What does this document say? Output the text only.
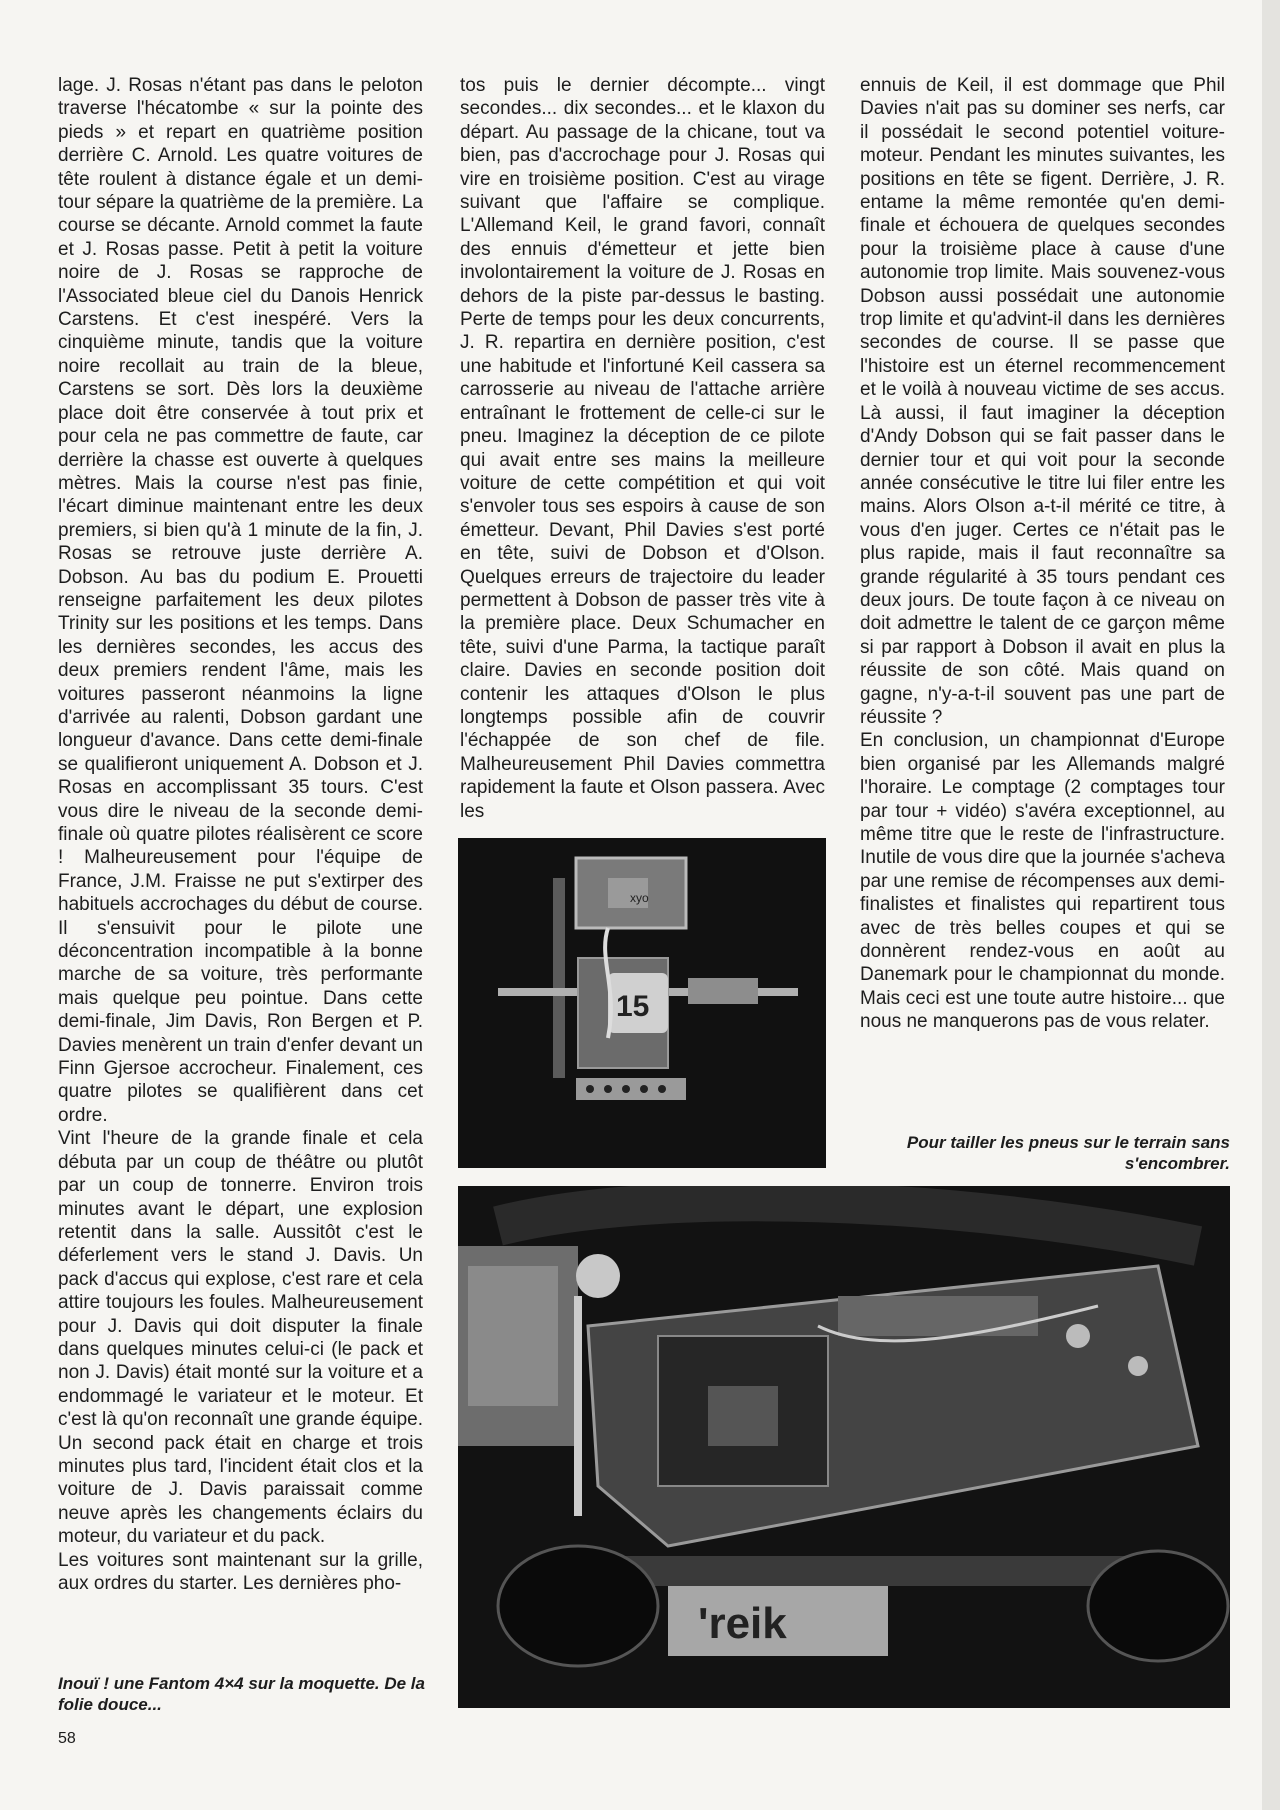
lage. J. Rosas n'étant pas dans le peloton traverse l'hécatombe « sur la pointe des pieds » et repart en quatrième position derrière C. Arnold. Les quatre voitures de tête roulent à distance égale et un demi-tour sépare la quatrième de la première. La course se décante. Arnold commet la faute et J. Rosas passe. Petit à petit la voiture noire de J. Rosas se rapproche de l'Associated bleue ciel du Danois Henrick Carstens. Et c'est inespéré. Vers la cinquième minute, tandis que la voiture noire recollait au train de la bleue, Carstens se sort. Dès lors la deuxième place doit être conservée à tout prix et pour cela ne pas commettre de faute, car derrière la chasse est ouverte à quelques mètres. Mais la course n'est pas finie, l'écart diminue maintenant entre les deux premiers, si bien qu'à 1 minute de la fin, J. Rosas se retrouve juste derrière A. Dobson. Au bas du podium E. Prouetti renseigne parfaitement les deux pilotes Trinity sur les positions et les temps. Dans les dernières secondes, les accus des deux premiers rendent l'âme, mais les voitures passeront néanmoins la ligne d'arrivée au ralenti, Dobson gardant une longueur d'avance. Dans cette demi-finale se qualifieront uniquement A. Dobson et J. Rosas en accomplissant 35 tours. C'est vous dire le niveau de la seconde demi-finale où quatre pilotes réalisèrent ce score ! Malheureusement pour l'équipe de France, J.M. Fraisse ne put s'extirper des habituels accrochages du début de course. Il s'ensuivit pour le pilote une déconcentration incompatible à la bonne marche de sa voiture, très performante mais quelque peu pointue. Dans cette demi-finale, Jim Davis, Ron Bergen et P. Davies menèrent un train d'enfer devant un Finn Gjersoe accrocheur. Finalement, ces quatre pilotes se qualifièrent dans cet ordre.

Vint l'heure de la grande finale et cela débuta par un coup de théâtre ou plutôt par un coup de tonnerre. Environ trois minutes avant le départ, une explosion retentit dans la salle. Aussitôt c'est le déferlement vers le stand J. Davis. Un pack d'accus qui explose, c'est rare et cela attire toujours les foules. Malheureusement pour J. Davis qui doit disputer la finale dans quelques minutes celui-ci (le pack et non J. Davis) était monté sur la voiture et a endommagé le variateur et le moteur. Et c'est là qu'on reconnaît une grande équipe. Un second pack était en charge et trois minutes plus tard, l'incident était clos et la voiture de J. Davis paraissait comme neuve après les changements éclairs du moteur, du variateur et du pack.

Les voitures sont maintenant sur la grille, aux ordres du starter. Les dernières pho-

tos puis le dernier décompte... vingt secondes... dix secondes... et le klaxon du départ. Au passage de la chicane, tout va bien, pas d'accrochage pour J. Rosas qui vire en troisième position. C'est au virage suivant que l'affaire se complique. L'Allemand Keil, le grand favori, connaît des ennuis d'émetteur et jette bien involontairement la voiture de J. Rosas en dehors de la piste par-dessus le basting. Perte de temps pour les deux concurrents, J. R. repartira en dernière position, c'est une habitude et l'infortuné Keil cassera sa carrosserie au niveau de l'attache arrière entraînant le frottement de celle-ci sur le pneu. Imaginez la déception de ce pilote qui avait entre ses mains la meilleure voiture de cette compétition et qui voit s'envoler tous ses espoirs à cause de son émetteur. Devant, Phil Davies s'est porté en tête, suivi de Dobson et d'Olson. Quelques erreurs de trajectoire du leader permettent à Dobson de passer très vite à la première place. Deux Schumacher en tête, suivi d'une Parma, la tactique paraît claire. Davies en seconde position doit contenir les attaques d'Olson le plus longtemps possible afin de couvrir l'échappée de son chef de file. Malheureusement Phil Davies commettra rapidement la faute et Olson passera. Avec les

ennuis de Keil, il est dommage que Phil Davies n'ait pas su dominer ses nerfs, car il possédait le second potentiel voiture-moteur. Pendant les minutes suivantes, les positions en tête se figent. Derrière, J. R. entame la même remontée qu'en demi-finale et échouera de quelques secondes pour la troisième place à cause d'une autonomie trop limite. Mais souvenez-vous Dobson aussi possédait une autonomie trop limite et qu'advint-il dans les dernières secondes de course. Il se passe que l'histoire est un éternel recommencement et le voilà à nouveau victime de ses accus. Là aussi, il faut imaginer la déception d'Andy Dobson qui se fait passer dans le dernier tour et qui voit pour la seconde année consécutive le titre lui filer entre les mains. Alors Olson a-t-il mérité ce titre, à vous d'en juger. Certes ce n'était pas le plus rapide, mais il faut reconnaître sa grande régularité à 35 tours pendant ces deux jours. De toute façon à ce niveau on doit admettre le talent de ce garçon même si par rapport à Dobson il avait en plus la réussite de son côté. Mais quand on gagne, n'y-a-t-il souvent pas une part de réussite ?

En conclusion, un championnat d'Europe bien organisé par les Allemands malgré l'horaire. Le comptage (2 comptages tour par tour + vidéo) s'avéra exceptionnel, au même titre que le reste de l'infrastructure. Inutile de vous dire que la journée s'acheva par une remise de récompenses aux demi-finalistes et finalistes qui repartirent tous avec de très belles coupes et qui se donnèrent rendez-vous en août au Danemark pour le championnat du monde. Mais ceci est une toute autre histoire... que nous ne manquerons pas de vous relater.

xyo
15
Pour tailler les pneus sur le terrain sans s'encombrer.
'reik
Inouï ! une Fantom 4×4 sur la moquette. De la folie douce...
58
